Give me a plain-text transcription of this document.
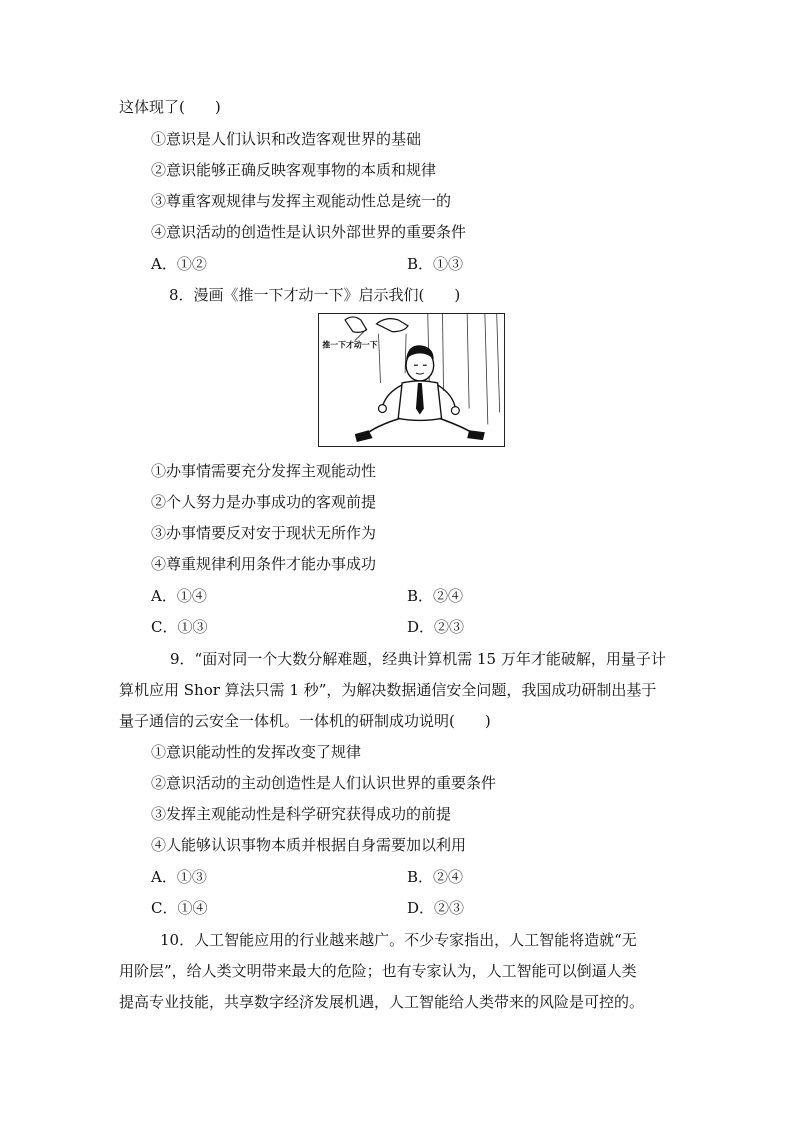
这体现了(　　)
①意识是人们认识和改造客观世界的基础
②意识能够正确反映客观事物的本质和规律
③尊重客观规律与发挥主观能动性总是统一的
④意识活动的创造性是认识外部世界的重要条件
A．①②	B．①③
8．漫画《推一下才动一下》启示我们(　　)
推一下才动一下
①办事情需要充分发挥主观能动性
②个人努力是办事成功的客观前提
③办事情要反对安于现状无所作为
④尊重规律利用条件才能办事成功
A．①④	B．②④
C．①③	D．②③
9．“面对同一个大数分解难题，经典计算机需 15 万年才能破解，用量子计
算机应用 Shor 算法只需 1 秒”，为解决数据通信安全问题，我国成功研制出基于
量子通信的云安全一体机。一体机的研制成功说明(　　)
①意识能动性的发挥改变了规律
②意识活动的主动创造性是人们认识世界的重要条件
③发挥主观能动性是科学研究获得成功的前提
④人能够认识事物本质并根据自身需要加以利用
A．①③	B．②④
C．①④	D．②③
10．人工智能应用的行业越来越广。不少专家指出，人工智能将造就“无
用阶层”，给人类文明带来最大的危险；也有专家认为，人工智能可以倒逼人类
提高专业技能，共享数字经济发展机遇，人工智能给人类带来的风险是可控的。
